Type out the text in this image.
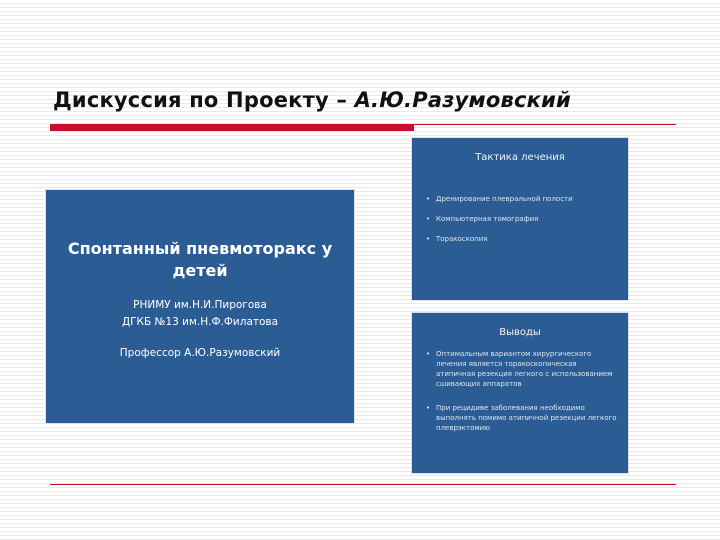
Дискуссия по Проекту – А.Ю.Разумовский
Спонтанный пневмоторакс у детей
РНИМУ им.Н.И.Пирогова
ДГКБ №13 им.Н.Ф.Филатова
Профессор А.Ю.Разумовский
Тактика лечения
• Дренирование плевральной полости
• Компьютерная томография
• Торакоскопия
Выводы
• Оптимальным вариантом хирургического лечения является торакоскопическая атипичная резекция легкого с использованием сшивающих аппаратов
• При рецидиве заболевания необходимо выполнять помимо атипичной резекции легкого плеврэктомию
